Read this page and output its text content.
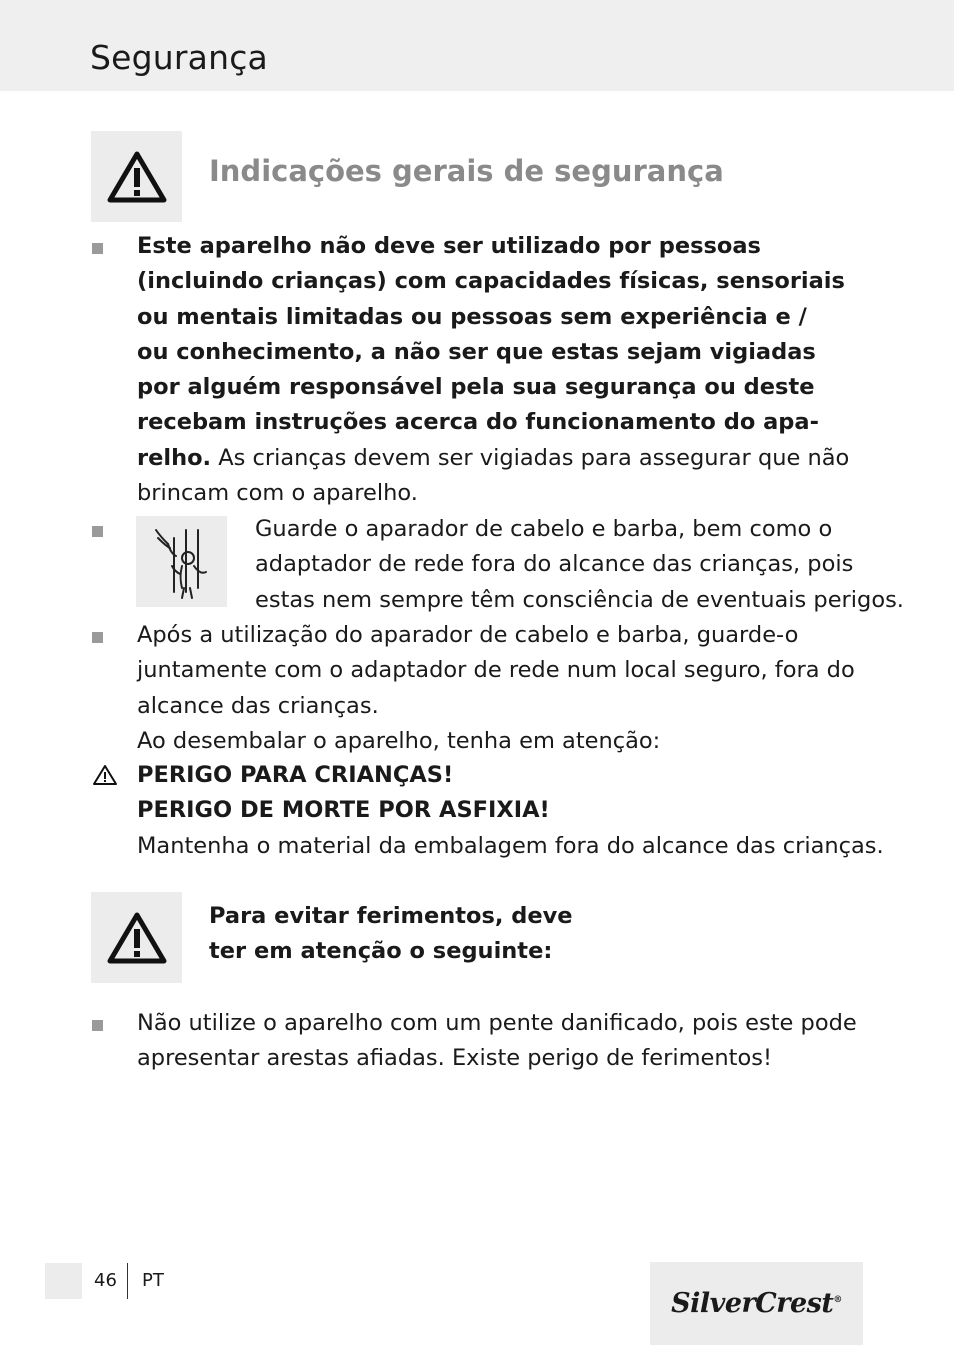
Segurança
Indicações gerais de segurança
Este aparelho não deve ser utilizado por pessoas
(incluindo crianças) com capacidades físicas, sensoriais
ou mentais limitadas ou pessoas sem experiência e /
ou conhecimento, a não ser que estas sejam vigiadas
por alguém responsável pela sua segurança ou deste
recebam instruções acerca do funcionamento do apa-
relho. As crianças devem ser vigiadas para assegurar que não
brincam com o aparelho.
Guarde o aparador de cabelo e barba, bem como o
adaptador de rede fora do alcance das crianças, pois
estas nem sempre têm consciência de eventuais perigos.
Após a utilização do aparador de cabelo e barba, guarde-o
juntamente com o adaptador de rede num local seguro, fora do
alcance das crianças.
Ao desembalar o aparelho, tenha em atenção:
PERIGO PARA CRIANÇAS!
PERIGO DE MORTE POR ASFIXIA!
Mantenha o material da embalagem fora do alcance das crianças.
Para evitar ferimentos, deve
ter em atenção o seguinte:
Não utilize o aparelho com um pente danificado, pois este pode
apresentar arestas afiadas. Existe perigo de ferimentos!
46 PT
SilverCrest®
